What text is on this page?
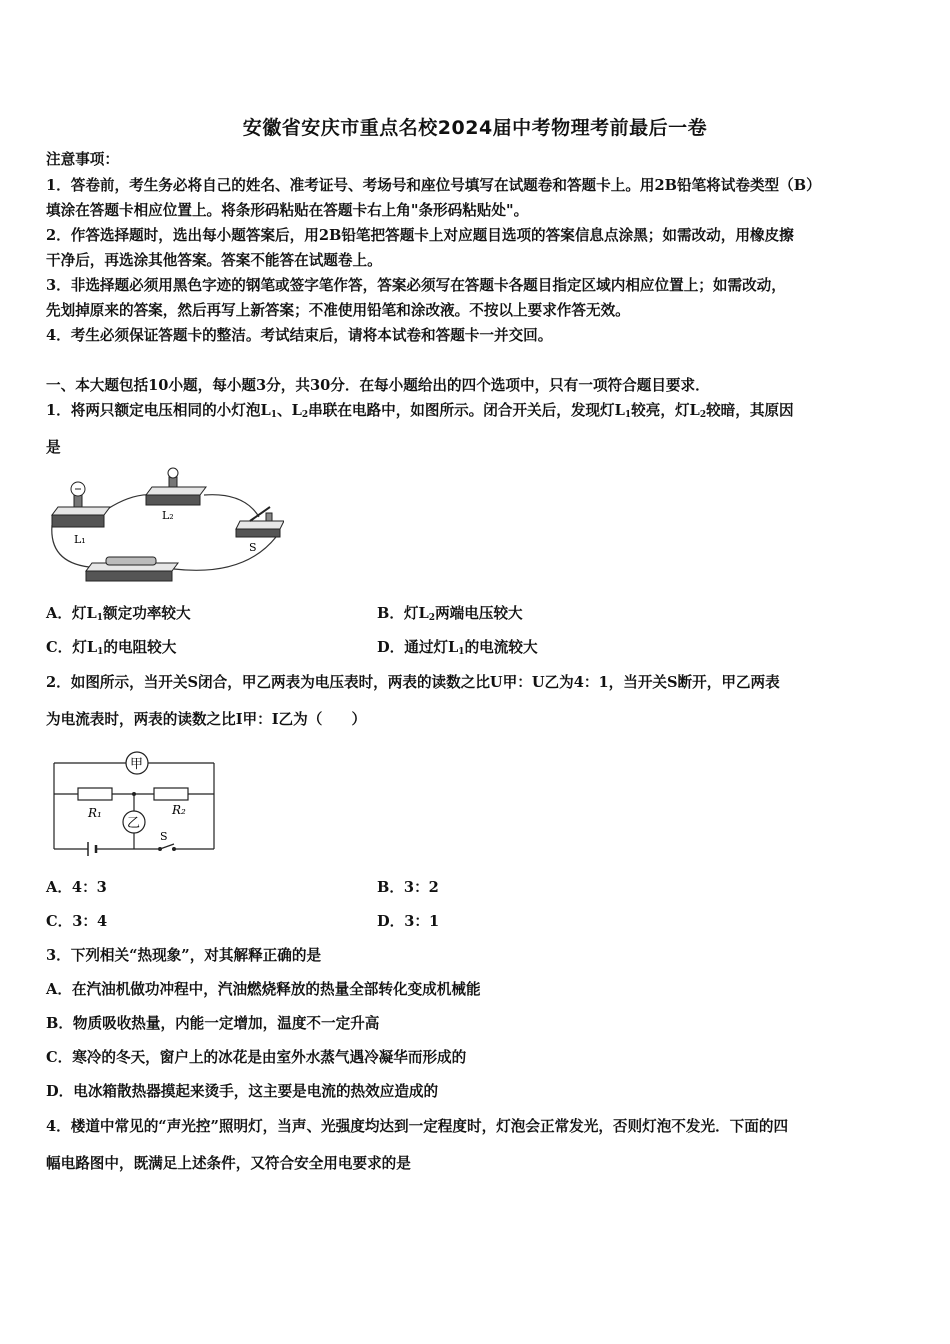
安徽省安庆市重点名校2024届中考物理考前最后一卷
注意事项：
1．答卷前，考生务必将自己的姓名、准考证号、考场号和座位号填写在试题卷和答题卡上。用2B铅笔将试卷类型（B）
填涂在答题卡相应位置上。将条形码粘贴在答题卡右上角"条形码粘贴处"。
2．作答选择题时，选出每小题答案后，用2B铅笔把答题卡上对应题目选项的答案信息点涂黑；如需改动，用橡皮擦
干净后，再选涂其他答案。答案不能答在试题卷上。
3．非选择题必须用黑色字迹的钢笔或签字笔作答，答案必须写在答题卡各题目指定区域内相应位置上；如需改动，
先划掉原来的答案，然后再写上新答案；不准使用铅笔和涂改液。不按以上要求作答无效。
4．考生必须保证答题卡的整洁。考试结束后，请将本试卷和答题卡一并交回。
一、本大题包括10小题，每小题3分，共30分．在每小题给出的四个选项中，只有一项符合题目要求．
1．将两只额定电压相同的小灯泡$L_1$、$L_2$串联在电路中，如图所示。闭合开关后，发现灯$L_1$较亮，灯$L_2$较暗，其原因
是
L₁
L₂
S
A．灯$L_1$额定功率较大	B．灯$L_2$两端电压较大
C．灯$L_1$的电阻较大	D．通过灯$L_1$的电流较大
2．如图所示，当开关S闭合，甲乙两表为电压表时，两表的读数之比U甲：U乙为4：1，当开关S断开，甲乙两表
为电流表时，两表的读数之比I甲：I乙为（　　）
甲
乙
R₁	R₂
S
A．4：3	B．3：2
C．3：4	D．3：1
3．下列相关“热现象”，对其解释正确的是
A．在汽油机做功冲程中，汽油燃烧释放的热量全部转化变成机械能
B．物质吸收热量，内能一定增加，温度不一定升高
C．寒冷的冬天，窗户上的冰花是由室外水蒸气遇冷凝华而形成的
D．电冰箱散热器摸起来烫手，这主要是电流的热效应造成的
4．楼道中常见的“声光控”照明灯，当声、光强度均达到一定程度时，灯泡会正常发光，否则灯泡不发光．下面的四
幅电路图中，既满足上述条件，又符合安全用电要求的是
